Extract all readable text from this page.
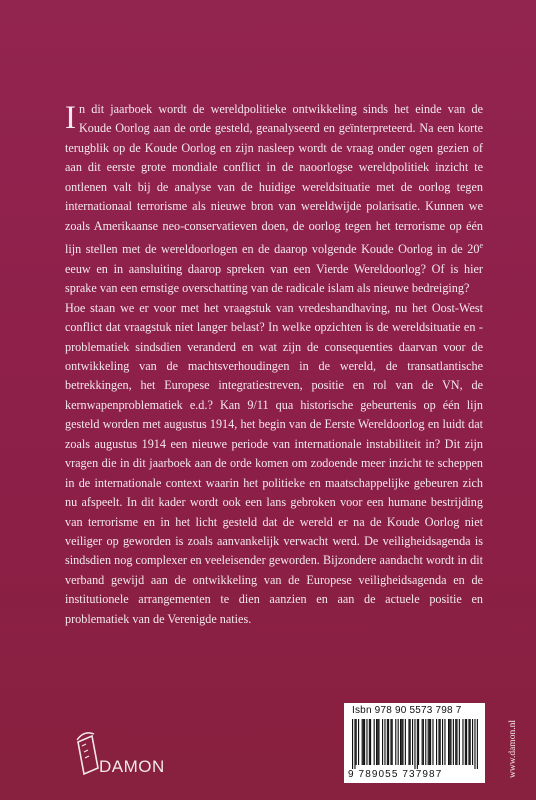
In dit jaarboek wordt de wereldpolitieke ontwikkeling sinds het einde van de Koude Oorlog aan de orde gesteld, geanalyseerd en geïnterpreteerd. Na een korte terugblik op de Koude Oorlog en zijn nasleep wordt de vraag onder ogen gezien of aan dit eerste grote mondiale conflict in de naoorlogse wereldpolitiek inzicht te ontlenen valt bij de analyse van de huidige wereldsituatie met de oorlog tegen internationaal terrorisme als nieuwe bron van wereldwijde polarisatie. Kunnen we zoals Amerikaanse neo-conservatieven doen, de oorlog tegen het terrorisme op één lijn stellen met de wereldoorlogen en de daarop volgende Koude Oorlog in de 20e eeuw en in aansluiting daarop spreken van een Vierde Wereldoorlog? Of is hier sprake van een ernstige overschatting van de radicale islam als nieuwe bedreiging?

Hoe staan we er voor met het vraagstuk van vredeshandhaving, nu het Oost-West conflict dat vraagstuk niet langer belast? In welke opzichten is de wereldsituatie en -problematiek sindsdien veranderd en wat zijn de consequenties daarvan voor de ontwikkeling van de machtsverhoudingen in de wereld, de transatlantische betrekkingen, het Europese integratiestreven, positie en rol van de VN, de kernwapenproblematiek e.d.? Kan 9/11 qua historische gebeurtenis op één lijn gesteld worden met augustus 1914, het begin van de Eerste Wereldoorlog en luidt dat zoals augustus 1914 een nieuwe periode van internationale instabiliteit in? Dit zijn vragen die in dit jaarboek aan de orde komen om zodoende meer inzicht te scheppen in de internationale context waarin het politieke en maatschappelijke gebeuren zich nu afspeelt. In dit kader wordt ook een lans gebroken voor een humane bestrijding van terrorisme en in het licht gesteld dat de wereld er na de Koude Oorlog niet veiliger op geworden is zoals aanvankelijk verwacht werd. De veiligheidsagenda is sindsdien nog complexer en veeleisender geworden. Bijzondere aandacht wordt in dit verband gewijd aan de ontwikkeling van de Europese veiligheidsagenda en de institutionele arrangementen te dien aanzien en aan de actuele positie en problematiek van de Verenigde naties.

DAMON
Isbn 978 90 5573 798 7
9 789055 737987	www.damon.nl
